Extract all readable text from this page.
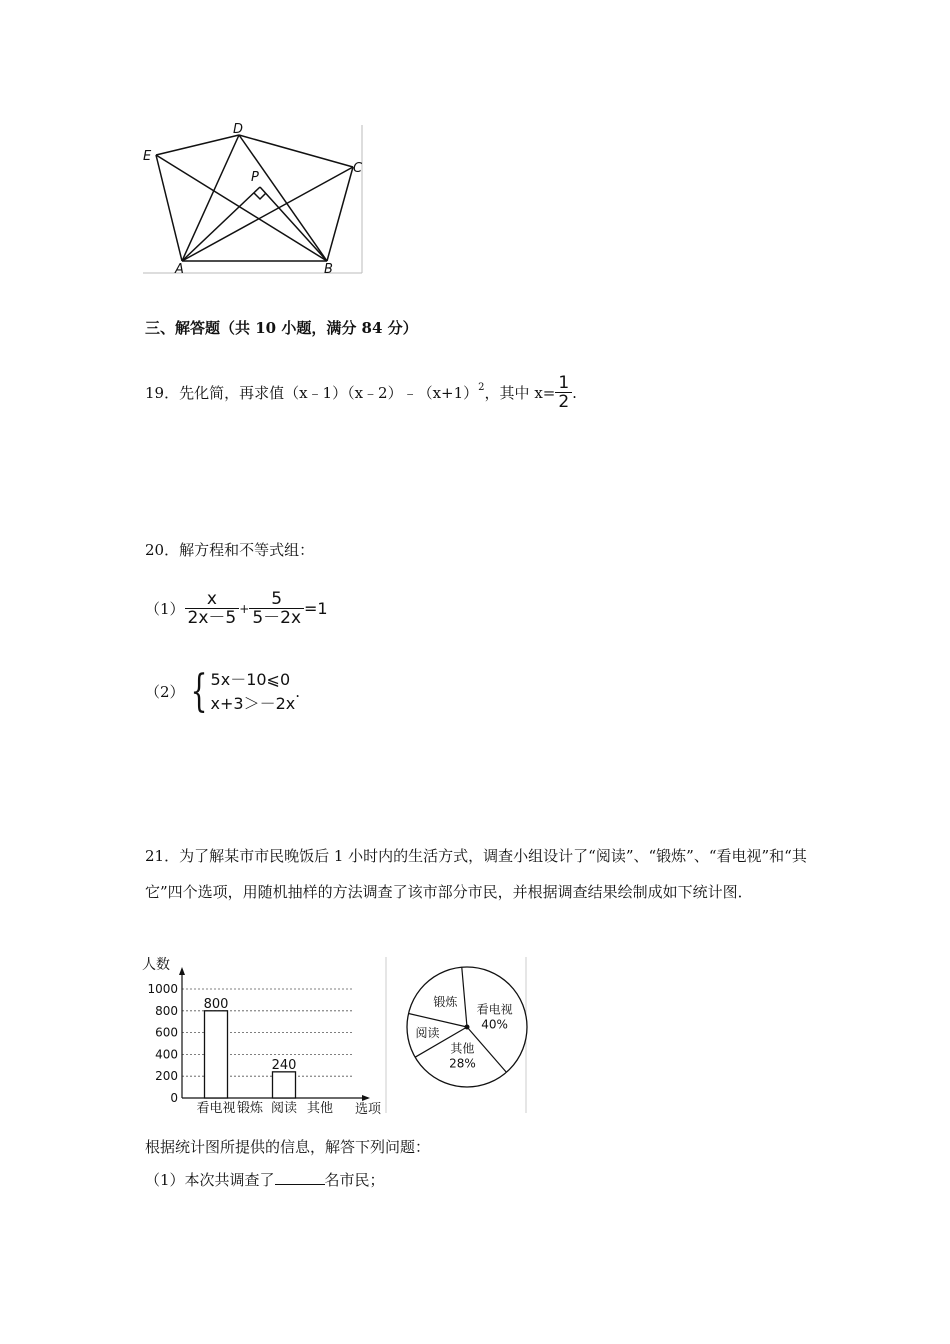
D
E
C
P
A	B
三、解答题（共 10 小题，满分 84 分）
19．先化简，再求值$(x﹣1)(x﹣2)﹣(x+1)^2$ ，其中 $x= \frac{1}{2}$ .
20．解方程和不等式组：
$(1) \frac{x}{2x-5} + \frac{5}{5-2x} =1$
（2） { 5x－10⩽0
x+3＞－2x
.
21．为了解某市市民晚饭后 1 小时内的生活方式，调查小组设计了“阅读”、“锻炼”、“看电视”和“其它”四个选项，用随机抽样的方法调查了该市部分市民，并根据调查结果绘制成如下统计图．
0
200
400
600
800
1000
人数
选项
看电视
800
锻炼 阅读
240
其他
看电视
40%
其他
28%
阅读
锻炼
根据统计图所提供的信息，解答下列问题：
（1）本次共调查了	名市民；
